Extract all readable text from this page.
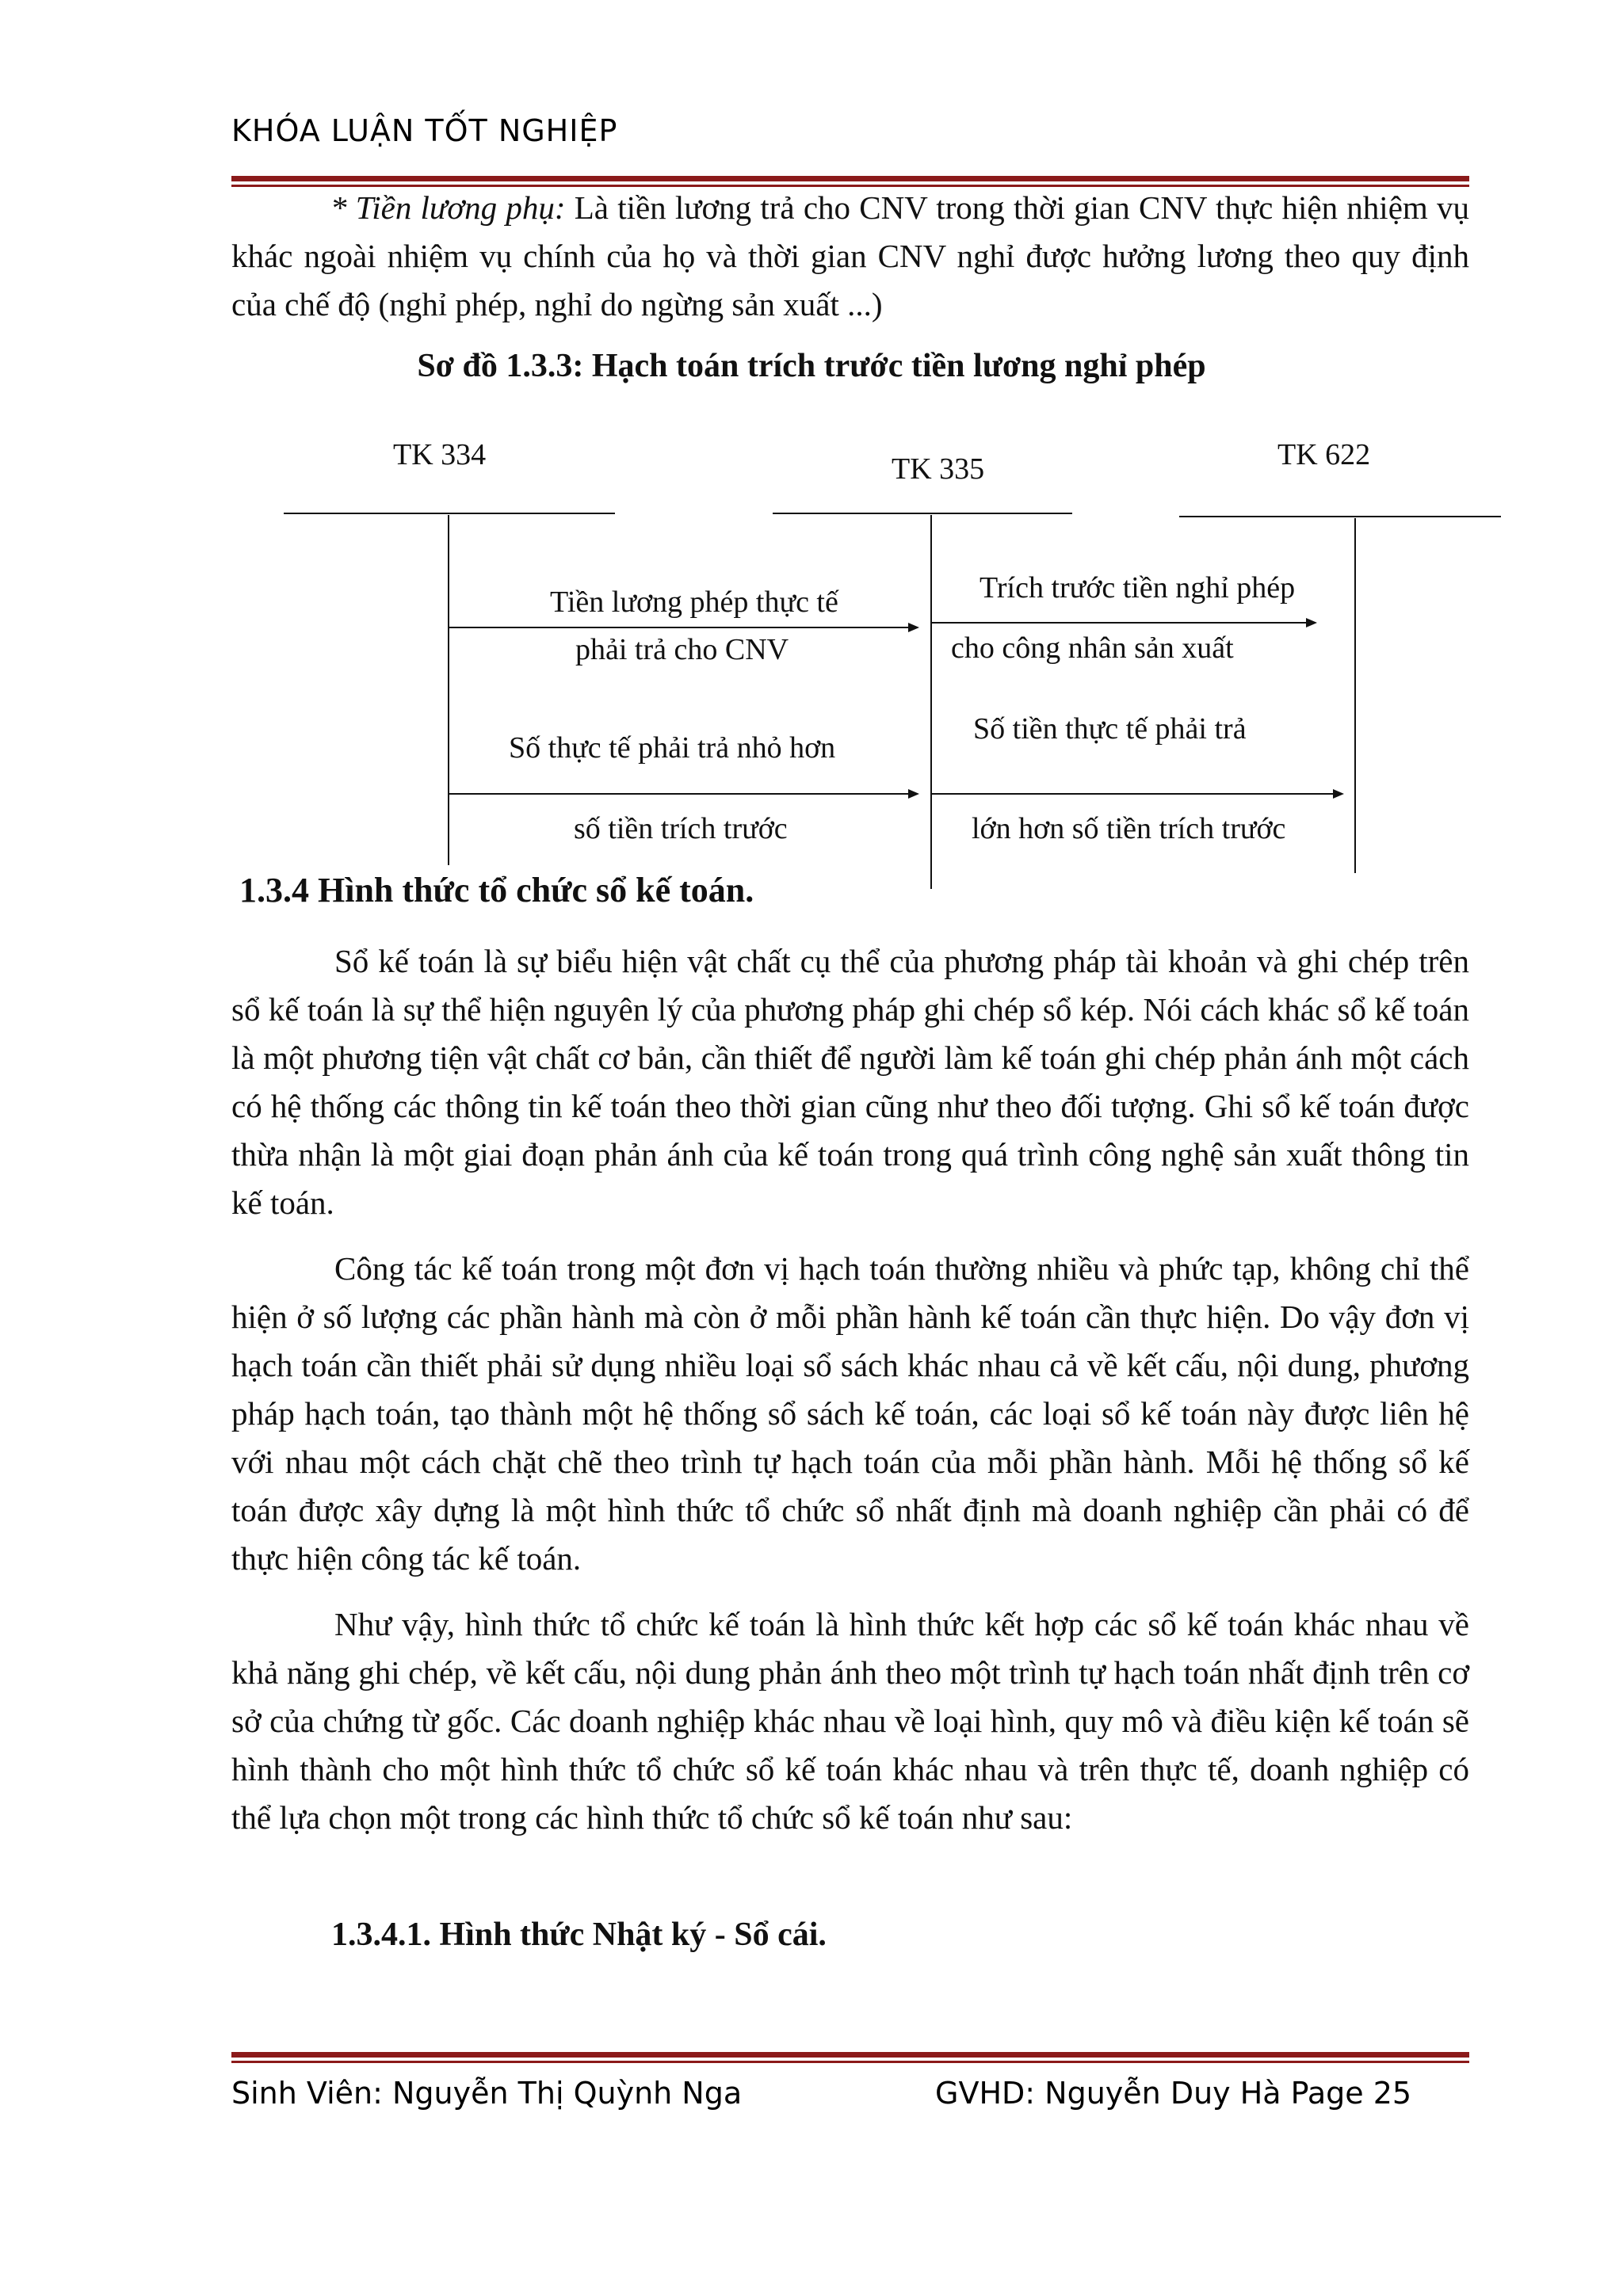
KHÓA LUẬN TỐT NGHIỆP

* Tiền lương phụ: Là tiền lương trả cho CNV trong thời gian CNV thực hiện nhiệm vụ khác ngoài nhiệm vụ chính của họ và thời gian CNV nghỉ được hưởng lương theo quy định của chế độ (nghỉ phép, nghỉ do ngừng sản xuất ...)

Sơ đồ 1.3.3: Hạch toán trích trước tiền lương nghỉ phép
TK 334	TK 335	TK 622
Tiền lương phép thực tế
phải trả cho CNV
Trích trước tiền nghỉ phép
cho công nhân sản xuất
Số thực tế phải trả nhỏ hơn
số tiền trích trước
Số tiền thực tế phải trả
lớn hơn số tiền trích trước
1.3.4 Hình thức tổ chức sổ kế toán.

Sổ kế toán là sự biểu hiện vật chất cụ thể của phương pháp tài khoản và ghi chép trên sổ kế toán là sự thể hiện nguyên lý của phương pháp ghi chép sổ kép. Nói cách khác sổ kế toán là một phương tiện vật chất cơ bản, cần thiết để người làm kế toán ghi chép phản ánh một cách có hệ thống các thông tin kế toán theo thời gian cũng như theo đối tượng. Ghi sổ kế toán được thừa nhận là một giai đoạn phản ánh của kế toán trong quá trình công nghệ sản xuất thông tin kế toán.

Công tác kế toán trong một đơn vị hạch toán thường nhiều và phức tạp, không chỉ thể hiện ở số lượng các phần hành mà còn ở mỗi phần hành kế toán cần thực hiện. Do vậy đơn vị hạch toán cần thiết phải sử dụng nhiều loại sổ sách khác nhau cả về kết cấu, nội dung, phương pháp hạch toán, tạo thành một hệ thống sổ sách kế toán, các loại sổ kế toán này được liên hệ với nhau một cách chặt chẽ theo trình tự hạch toán của mỗi phần hành. Mỗi hệ thống sổ kế toán được xây dựng là một hình thức tổ chức sổ nhất định mà doanh nghiệp cần phải có để thực hiện công tác kế toán.

Như vậy, hình thức tổ chức kế toán là hình thức kết hợp các sổ kế toán khác nhau về khả năng ghi chép, về kết cấu, nội dung phản ánh theo một trình tự hạch toán nhất định trên cơ sở của chứng từ gốc. Các doanh nghiệp khác nhau về loại hình, quy mô và điều kiện kế toán sẽ hình thành cho một hình thức tổ chức sổ kế toán khác nhau và trên thực tế, doanh nghiệp có thể lựa chọn một trong các hình thức tổ chức sổ kế toán như sau:

1.3.4.1. Hình thức Nhật ký - Sổ cái.
Sinh Viên: Nguyễn Thị Quỳnh Nga	GVHD: Nguyễn Duy Hà Page 25
